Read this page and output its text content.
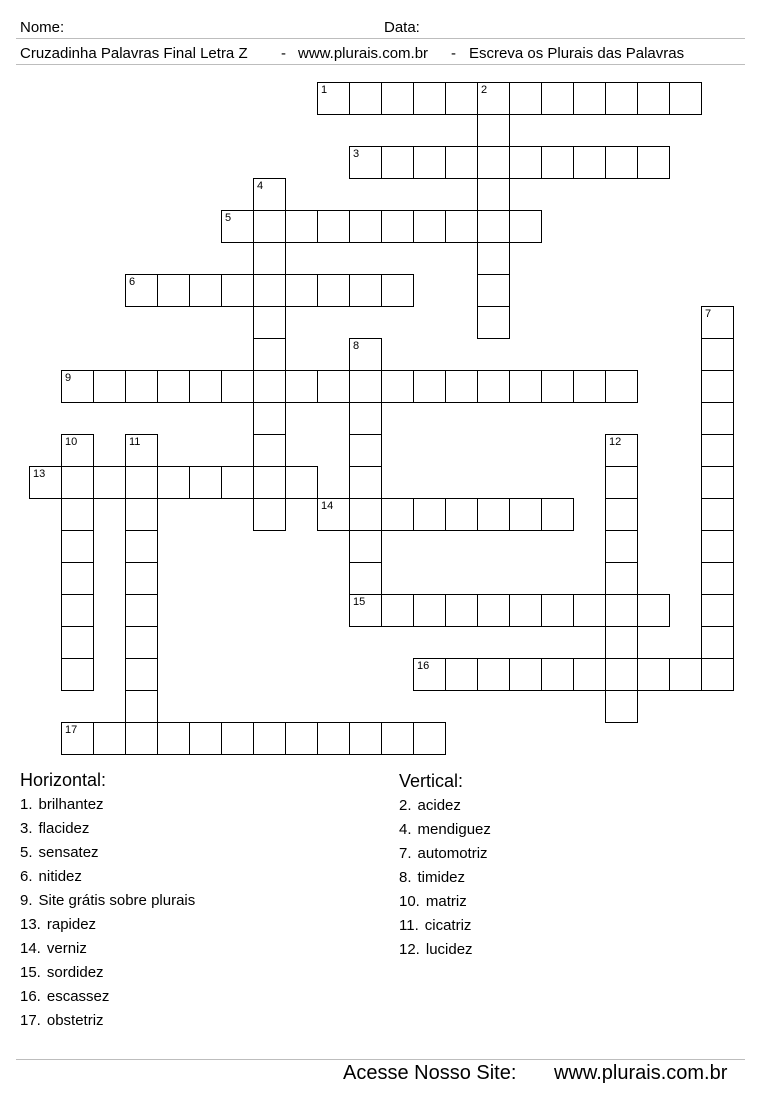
Nome:	Data:
Cruzadinha Palavras Final Letra Z - www.plurais.com.br - Escreva os Plurais das Palavras
1	2
3
4
5
6
7
8
9
10	11	12
13
14
15
16
17
Horizontal:
1. brilhantez
3. flacidez
5. sensatez
6. nitidez
9. Site grátis sobre plurais
13. rapidez
14. verniz
15. sordidez
16. escassez
17. obstetriz
Vertical:
2. acidez
4. mendiguez
7. automotriz
8. timidez
10. matriz
11. cicatriz
12. lucidez
Acesse Nosso Site: www.plurais.com.br
